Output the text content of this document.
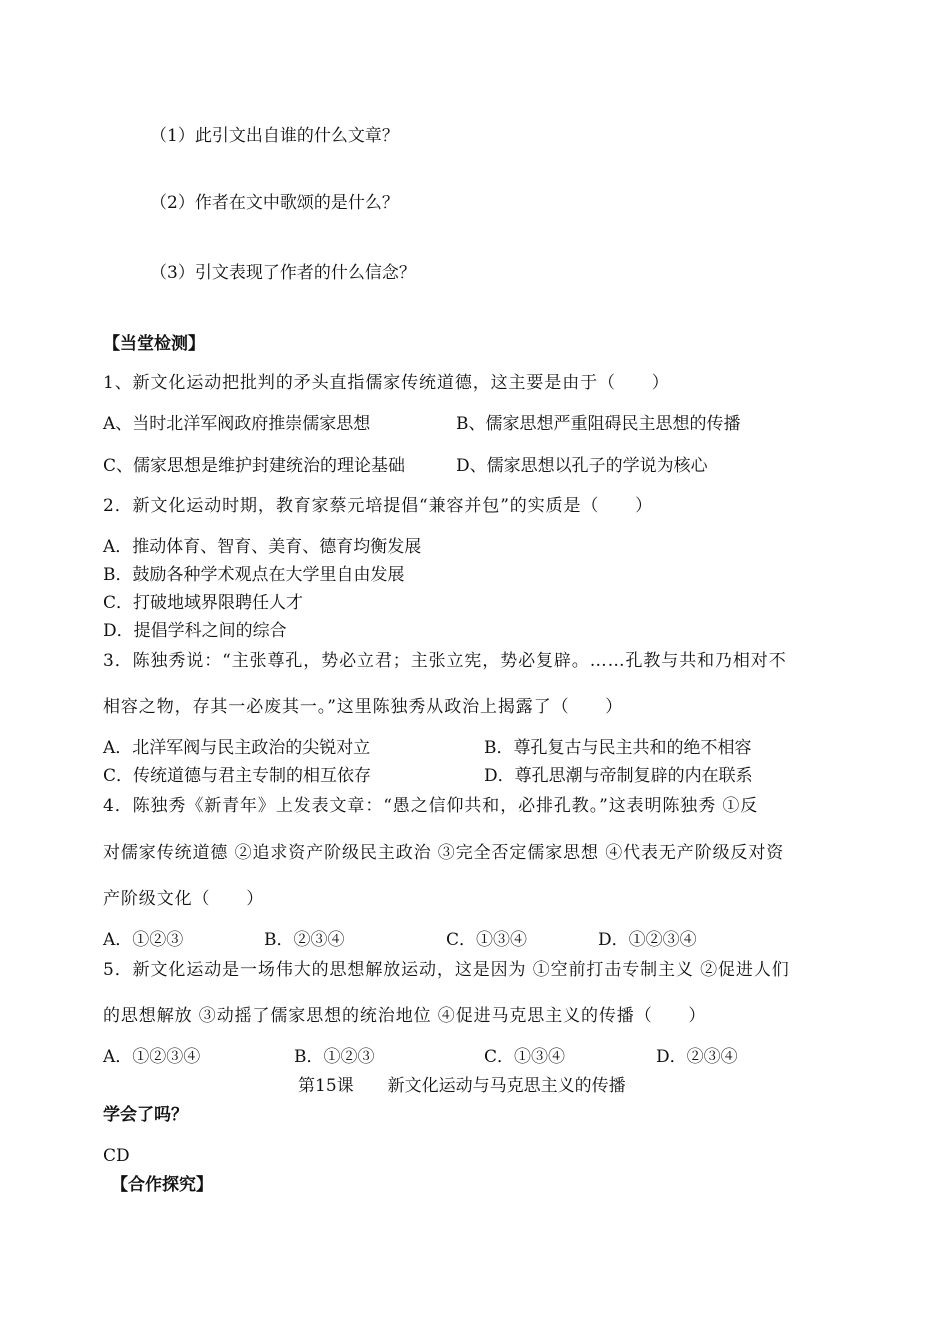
（1）此引文出自谁的什么文章？
（2）作者在文中歌颂的是什么？
（3）引文表现了作者的什么信念？
【当堂检测】
1、新文化运动把批判的矛头直指儒家传统道德，这主要是由于（　　）
A、当时北洋军阀政府推崇儒家思想	B、儒家思想严重阻碍民主思想的传播
C、儒家思想是维护封建统治的理论基础	D、儒家思想以孔子的学说为核心
2．新文化运动时期，教育家蔡元培提倡“兼容并包”的实质是（　　）
A．推动体育、智育、美育、德育均衡发展
B．鼓励各种学术观点在大学里自由发展
C．打破地域界限聘任人才
D．提倡学科之间的综合
3．陈独秀说：“主张尊孔，势必立君；主张立宪，势必复辟。……孔教与共和乃相对不
相容之物，存其一必废其一。”这里陈独秀从政治上揭露了（　　）
A．北洋军阀与民主政治的尖锐对立	B．尊孔复古与民主共和的绝不相容
C．传统道德与君主专制的相互依存	D．尊孔思潮与帝制复辟的内在联系
4．陈独秀《新青年》上发表文章：“愚之信仰共和，必排孔教。”这表明陈独秀 ①反
对儒家传统道德 ②追求资产阶级民主政治 ③完全否定儒家思想 ④代表无产阶级反对资
产阶级文化（　　）
A．①②③	B．②③④	C．①③④	D．①②③④
5．新文化运动是一场伟大的思想解放运动，这是因为 ①空前打击专制主义 ②促进人们
的思想解放 ③动摇了儒家思想的统治地位 ④促进马克思主义的传播（　　）
A．①②③④	B．①②③	C．①③④	D．②③④
第15课　　新文化运动与马克思主义的传播
学会了吗？
CD
【合作探究】
